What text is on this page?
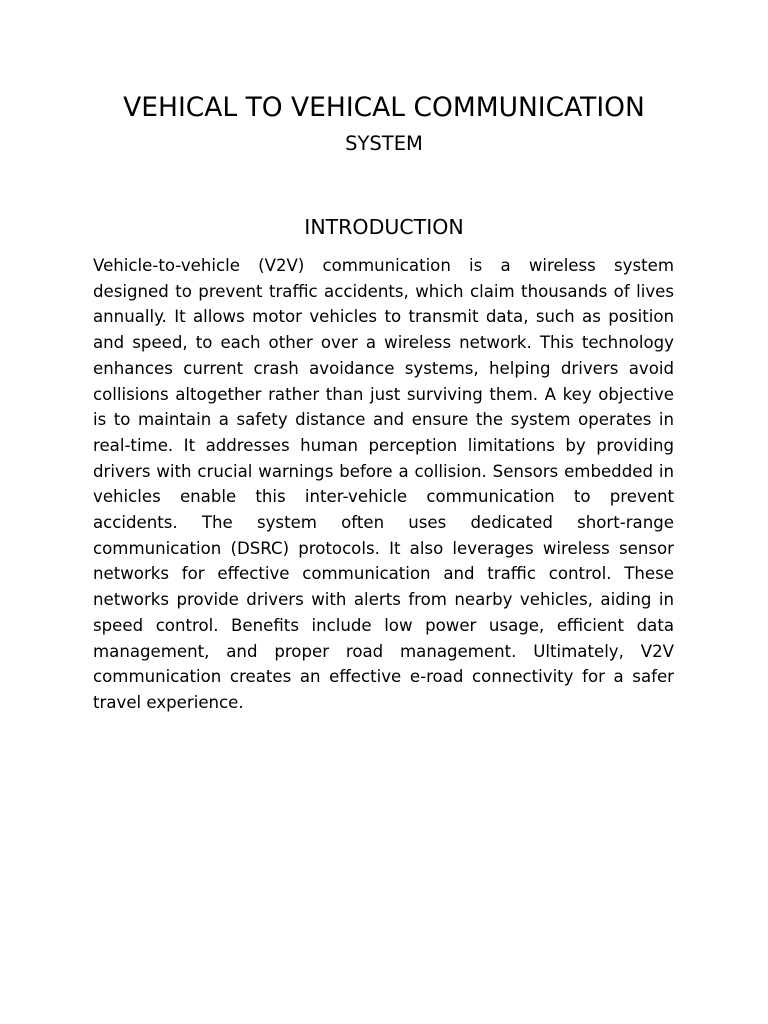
VEHICAL TO VEHICAL COMMUNICATION
SYSTEM
INTRODUCTION

Vehicle-to-vehicle (V2V) communication is a wireless system designed to prevent traffic accidents, which claim thousands of lives annually. It allows motor vehicles to transmit data, such as position and speed, to each other over a wireless network. This technology enhances current crash avoidance systems, helping drivers avoid collisions altogether rather than just surviving them. A key objective is to maintain a safety distance and ensure the system operates in real-time. It addresses human perception limitations by providing drivers with crucial warnings before a collision. Sensors embedded in vehicles enable this inter-vehicle communication to prevent accidents. The system often uses dedicated short-range communication (DSRC) protocols. It also leverages wireless sensor networks for effective communication and traffic control. These networks provide drivers with alerts from nearby vehicles, aiding in speed control. Benefits include low power usage, efficient data management, and proper road management. Ultimately, V2V communication creates an effective e-road connectivity for a safer travel experience.
